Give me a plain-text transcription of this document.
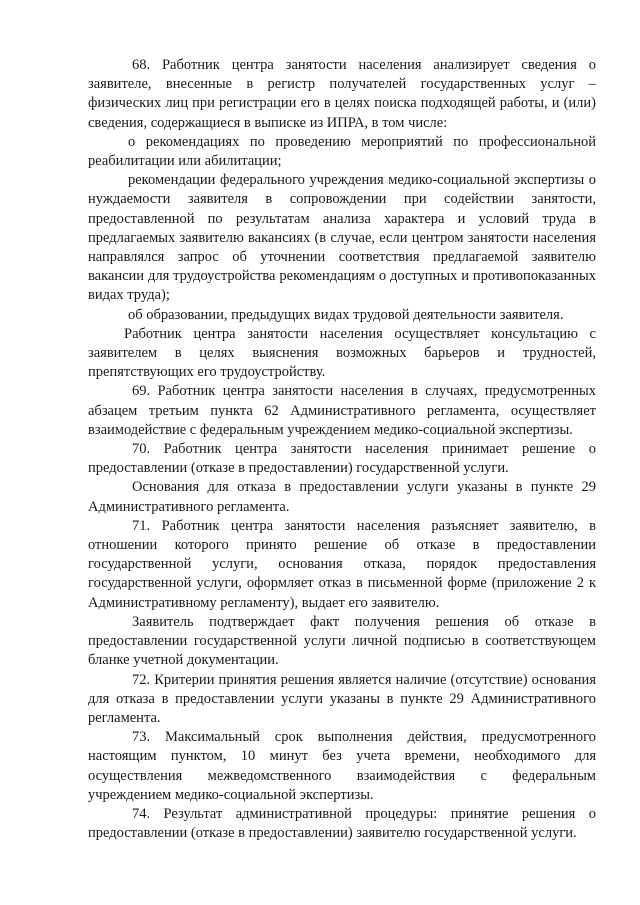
68. Работник центра занятости населения анализирует сведения о заявителе, внесенные в регистр получателей государственных услуг – физических лиц при регистрации его в целях поиска подходящей работы, и (или) сведения, содержащиеся в выписке из ИПРА, в том числе:

о рекомендациях по проведению мероприятий по профессиональной реабилитации или абилитации;

рекомендации федерального учреждения медико-социальной экспертизы о нуждаемости заявителя в сопровождении при содействии занятости, предоставленной по результатам анализа характера и условий труда в предлагаемых заявителю вакансиях (в случае, если центром занятости населения направлялся запрос об уточнении соответствия предлагаемой заявителю вакансии для трудоустройства рекомендациям о доступных и противопоказанных видах труда);

об образовании, предыдущих видах трудовой деятельности заявителя.

Работник центра занятости населения осуществляет консультацию с заявителем в целях выяснения возможных барьеров и трудностей, препятствующих его трудоустройству.

69. Работник центра занятости населения в случаях, предусмотренных абзацем третьим пункта 62 Административного регламента, осуществляет взаимодействие с федеральным учреждением медико-социальной экспертизы.

70. Работник центра занятости населения принимает решение о предоставлении (отказе в предоставлении) государственной услуги.

Основания для отказа в предоставлении услуги указаны в пункте 29 Административного регламента.

71. Работник центра занятости населения разъясняет заявителю, в отношении которого принято решение об отказе в предоставлении государственной услуги, основания отказа, порядок предоставления государственной услуги, оформляет отказ в письменной форме (приложение 2 к Административному регламенту), выдает его заявителю.

Заявитель подтверждает факт получения решения об отказе в предоставлении государственной услуги личной подписью в соответствующем бланке учетной документации.

72. Критерии принятия решения является наличие (отсутствие) основания для отказа в предоставлении услуги указаны в пункте 29 Административного регламента.

73. Максимальный срок выполнения действия, предусмотренного настоящим пунктом, 10 минут без учета времени, необходимого для осуществления межведомственного взаимодействия с федеральным учреждением медико-социальной экспертизы.

74. Результат административной процедуры: принятие решения о предоставлении (отказе в предоставлении) заявителю государственной услуги.
